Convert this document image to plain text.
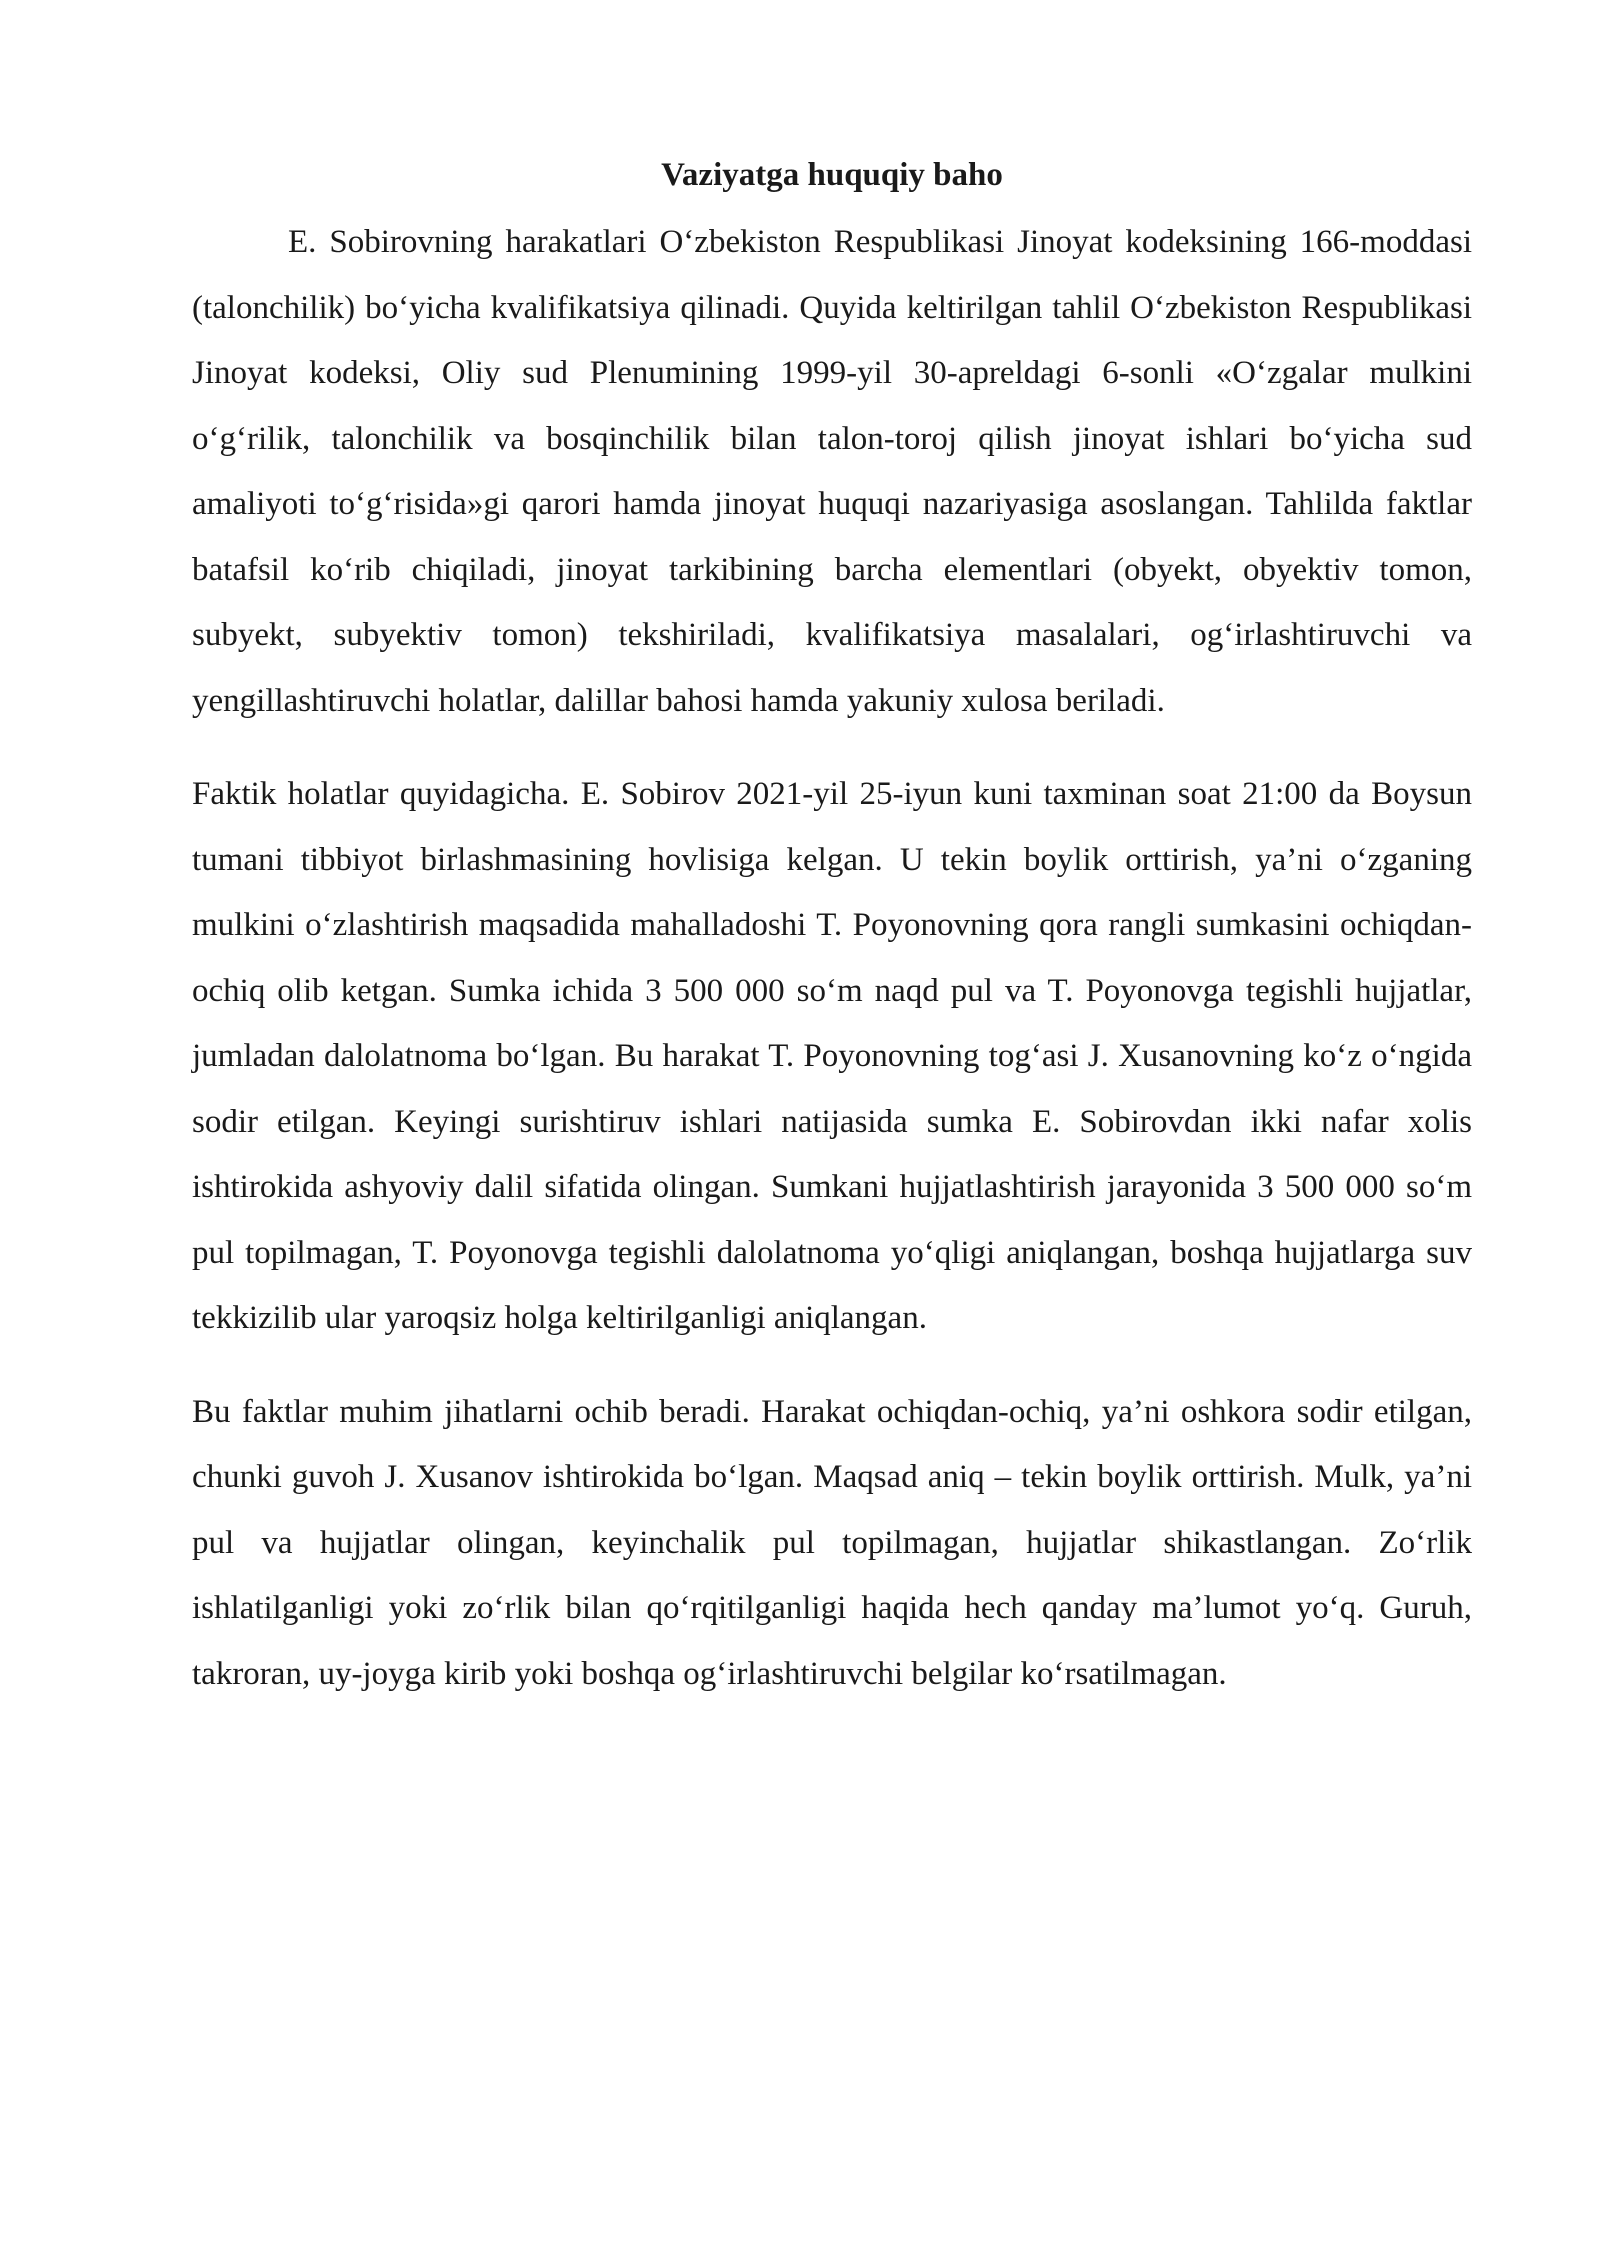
Vaziyatga huquqiy baho

E. Sobirovning harakatlari O‘zbekiston Respublikasi Jinoyat kodeksining 166-moddasi (talonchilik) bo‘yicha kvalifikatsiya qilinadi. Quyida keltirilgan tahlil O‘zbekiston Respublikasi Jinoyat kodeksi, Oliy sud Plenumining 1999-yil 30-apreldagi 6-sonli «O‘zgalar mulkini o‘g‘rilik, talonchilik va bosqinchilik bilan talon-toroj qilish jinoyat ishlari bo‘yicha sud amaliyoti to‘g‘risida»gi qarori hamda jinoyat huquqi nazariyasiga asoslangan. Tahlilda faktlar batafsil ko‘rib chiqiladi, jinoyat tarkibining barcha elementlari (obyekt, obyektiv tomon, subyekt, subyektiv tomon) tekshiriladi, kvalifikatsiya masalalari, og‘irlashtiruvchi va yengillashtiruvchi holatlar, dalillar bahosi hamda yakuniy xulosa beriladi.

Faktik holatlar quyidagicha. E. Sobirov 2021-yil 25-iyun kuni taxminan soat 21:00 da Boysun tumani tibbiyot birlashmasining hovlisiga kelgan. U tekin boylik orttirish, ya’ni o‘zganing mulkini o‘zlashtirish maqsadida mahalladoshi T. Poyonovning qora rangli sumkasini ochiqdan-ochiq olib ketgan. Sumka ichida 3 500 000 so‘m naqd pul va T. Poyonovga tegishli hujjatlar, jumladan dalolatnoma bo‘lgan. Bu harakat T. Poyonovning tog‘asi J. Xusanovning ko‘z o‘ngida sodir etilgan. Keyingi surishtiruv ishlari natijasida sumka E. Sobirovdan ikki nafar xolis ishtirokida ashyoviy dalil sifatida olingan. Sumkani hujjatlashtirish jarayonida 3 500 000 so‘m pul topilmagan, T. Poyonovga tegishli dalolatnoma yo‘qligi aniqlangan, boshqa hujjatlarga suv tekkizilib ular yaroqsiz holga keltirilganligi aniqlangan.

Bu faktlar muhim jihatlarni ochib beradi. Harakat ochiqdan-ochiq, ya’ni oshkora sodir etilgan, chunki guvoh J. Xusanov ishtirokida bo‘lgan. Maqsad aniq – tekin boylik orttirish. Mulk, ya’ni pul va hujjatlar olingan, keyinchalik pul topilmagan, hujjatlar shikastlangan. Zo‘rlik ishlatilganligi yoki zo‘rlik bilan qo‘rqitilganligi haqida hech qanday ma’lumot yo‘q. Guruh, takroran, uy-joyga kirib yoki boshqa og‘irlashtiruvchi belgilar ko‘rsatilmagan.
